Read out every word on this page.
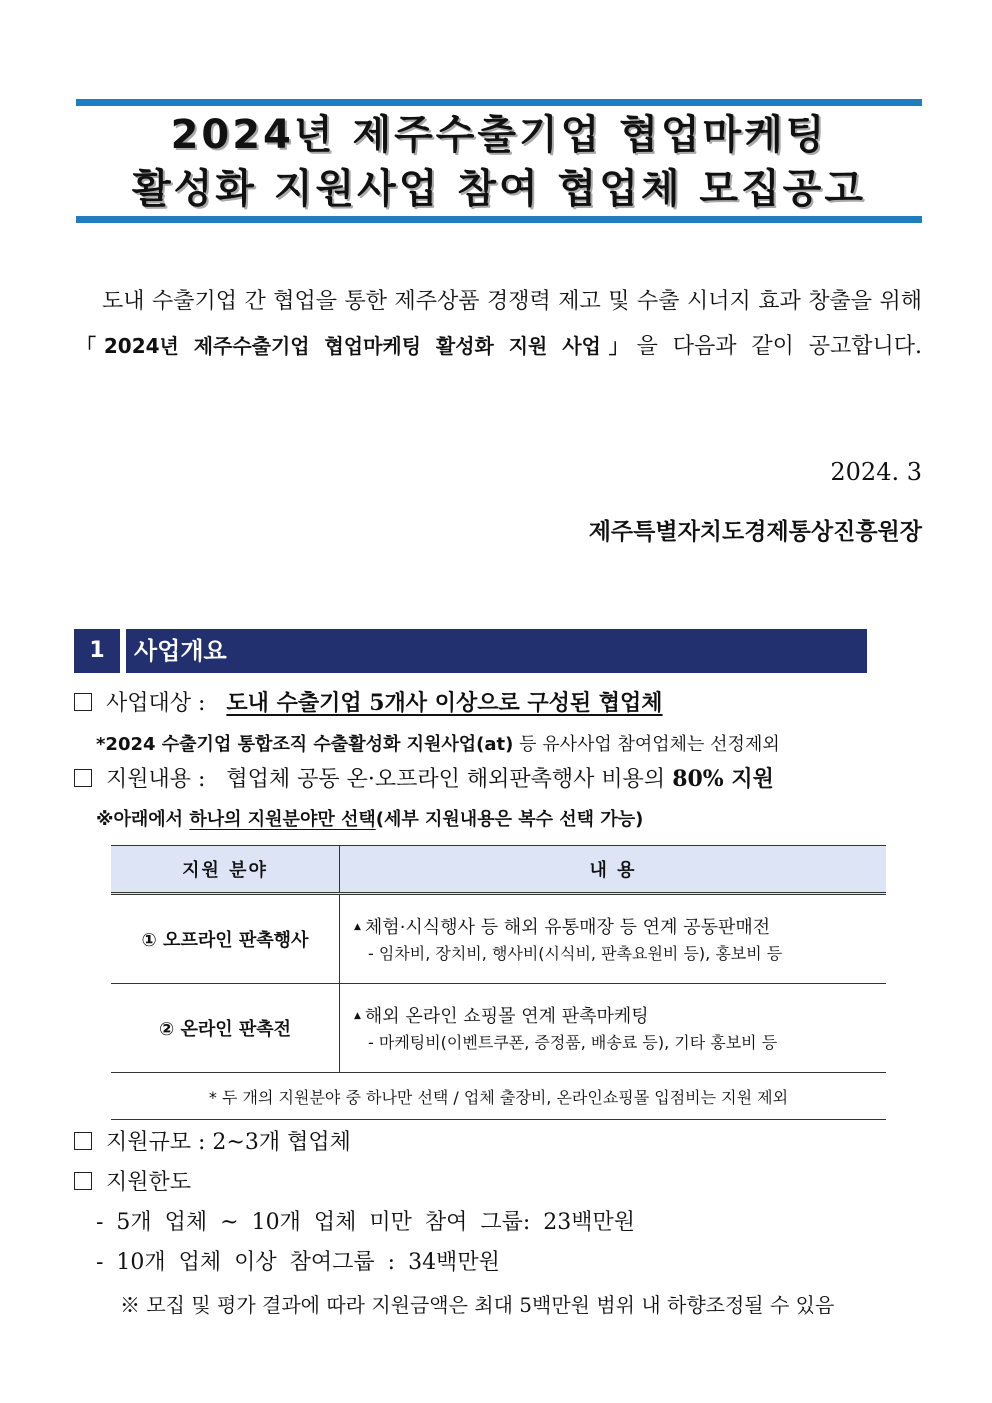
2024년 제주수출기업 협업마케팅
활성화 지원사업 참여 협업체 모집공고
도내 수출기업 간 협업을 통한 제주상품 경쟁력 제고 및 수출 시너지 효과 창출을 위해 「2024년 제주수출기업 협업마케팅 활성화 지원 사업」을 다음과 같이 공고합니다.
2024. 3
제주특별자치도경제통상진흥원장
1	사업개요
사업대상 : 도내 수출기업 5개사 이상으로 구성된 협업체
*2024 수출기업 통합조직 수출활성화 지원사업(at) 등 유사사업 참여업체는 선정제외
지원내용 : 협업체 공동 온·오프라인 해외판촉행사 비용의 80% 지원
※아래에서 하나의 지원분야만 선택(세부 지원내용은 복수 선택 가능)
지원 분야	내 용
① 오프라인 판촉행사	▲ 체험·시식행사 등 해외 유통매장 등 연계 공동판매전
- 임차비, 장치비, 행사비(시식비, 판촉요원비 등), 홍보비 등

② 온라인 판촉전	▲ 해외 온라인 쇼핑몰 연계 판촉마케팅
- 마케팅비(이벤트쿠폰, 증정품, 배송료 등), 기타 홍보비 등

* 두 개의 지원분야 중 하나만 선택 / 업체 출장비, 온라인쇼핑몰 입점비는 지원 제외	
지원규모 : 2~3개 협업체
지원한도
- 5개 업체 ~ 10개 업체 미만 참여 그룹: 23백만원
- 10개 업체 이상 참여그룹 : 34백만원
※ 모집 및 평가 결과에 따라 지원금액은 최대 5백만원 범위 내 하향조정될 수 있음
